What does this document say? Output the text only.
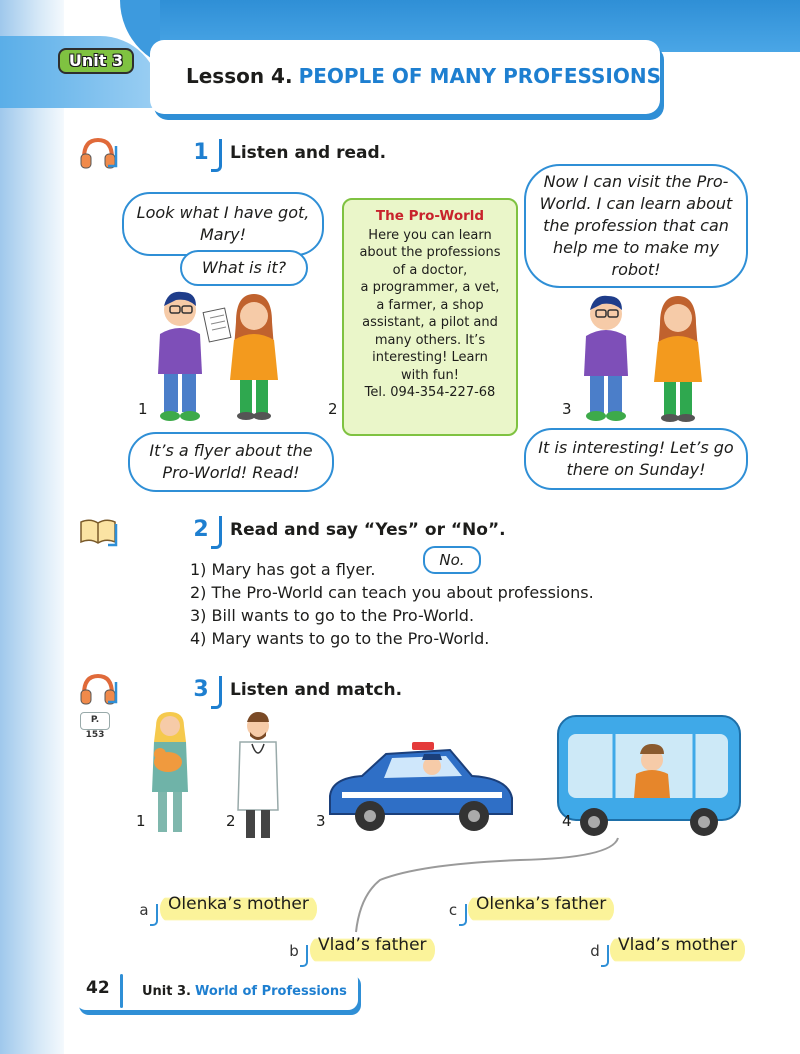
Unit 3
Lesson 4. PEOPLE OF MANY PROFESSIONS
1	Listen and read.
Look what I have got, Mary!
What is it?
1
It’s a flyer about the Pro-World! Read!
2
The Pro-World
Here you can learn
about the professions
of a doctor,
a programmer, a vet,
a farmer, a shop
assistant, a pilot and
many others. It’s
interesting! Learn
with fun!
Tel. 094-354-227-68
Now I can visit the Pro-World. I can learn about the profession that can help me to make my robot!
3
It is interesting! Let’s go there on Sunday!
2	Read and say “Yes” or “No”.
1) Mary has got a flyer.
2) The Pro-World can teach you about professions.
3) Bill wants to go to the Pro-World.
4) Mary wants to go to the Pro-World.
No.
P. 153
3	Listen and match.
1	2	3	4
a	Olenka’s mother
b	Vlad’s father
c	Olenka’s father
d	Vlad’s mother
42 Unit 3. World of Professions
